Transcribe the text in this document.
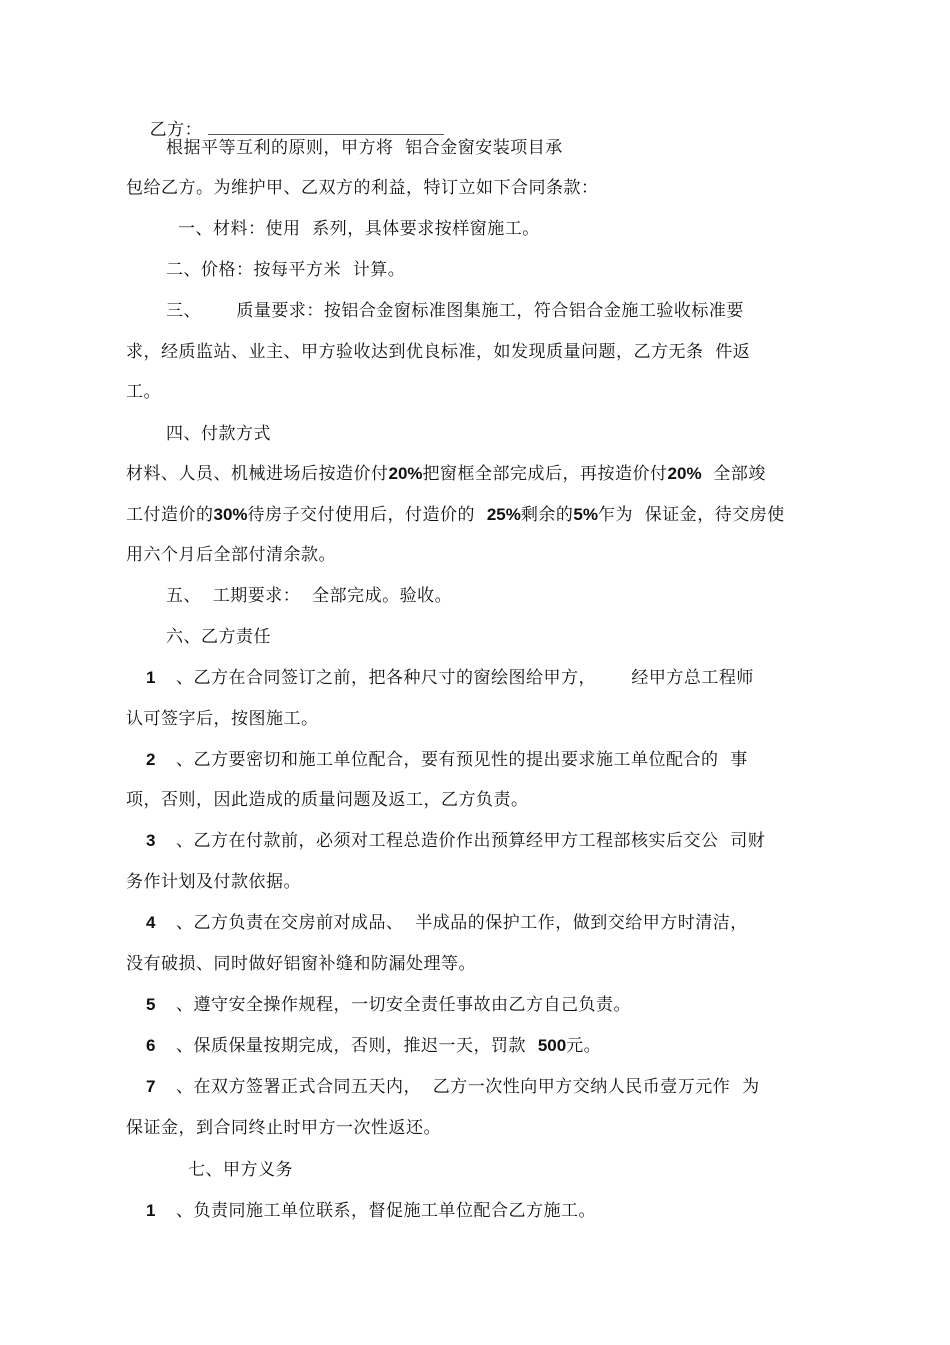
乙方：

根据平等互利的原则，甲方将  铝合金窗安装项目承
包给乙方。为维护甲、乙双方的利益，特订立如下合同条款：
一、材料：使用  系列，具体要求按样窗施工。
二、价格：按每平方米  计算。
三、      质量要求：按铝合金窗标准图集施工，符合铝合金施工验收标准要
求，经质监站、业主、甲方验收达到优良标准，如发现质量问题，乙方无条  件返
工。
四、付款方式
材料、人员、机械进场后按造价付20%把窗框全部完成后，再按造价付20%  全部竣
工付造价的30%待房子交付使用后，付造价的  25%剩余的5%乍为  保证金，待交房使
用六个月后全部付清余款。
五、  工期要求：  全部完成。验收。
六、乙方责任
1 、乙方在合同签订之前，把各种尺寸的窗绘图给甲方，      经甲方总工程师
认可签字后，按图施工。
2 、乙方要密切和施工单位配合，要有预见性的提出要求施工单位配合的  事
项，否则，因此造成的质量问题及返工，乙方负责。
3 、乙方在付款前，必须对工程总造价作出预算经甲方工程部核实后交公  司财
务作计划及付款依据。
4 、乙方负责在交房前对成品、  半成品的保护工作，做到交给甲方时清洁，
没有破损、同时做好铝窗补缝和防漏处理等。
5 、遵守安全操作规程，一切安全责任事故由乙方自己负责。
6 、保质保量按期完成，否则，推迟一天，罚款  500元。
7 、在双方签署正式合同五天内，  乙方一次性向甲方交纳人民币壹万元作  为
保证金，到合同终止时甲方一次性返还。
七、甲方义务
1 、负责同施工单位联系，督促施工单位配合乙方施工。
